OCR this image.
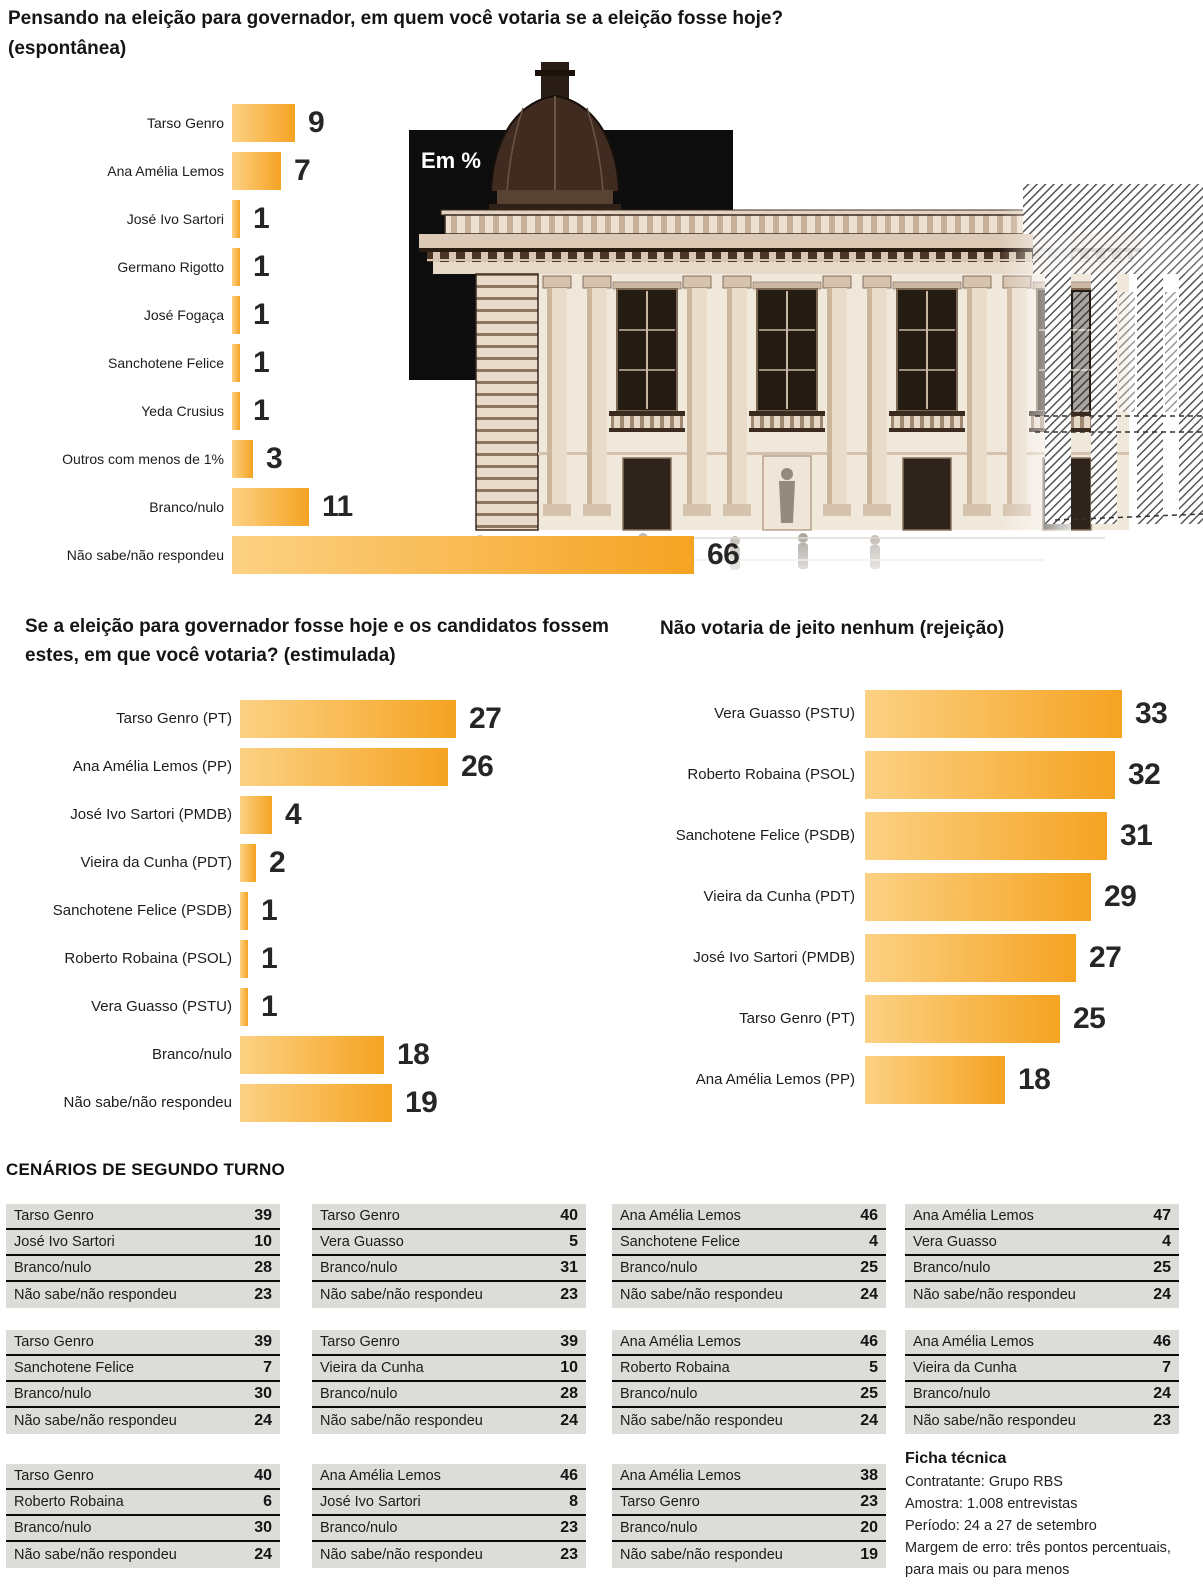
Pensando na eleição para governador, em quem você votaria se a eleição fosse hoje?
(espontânea)
Em %
Tarso Genro	9
Ana Amélia Lemos 7
José Ivo Sartori 1
Germano Rigotto 1
José Fogaça 1
Sanchotene Felice 1
Yeda Crusius 1
Outros com menos de 1% 3
Branco/nulo	11
Não sabe/não respondeu	66
Se a eleição para governador fosse hoje e os candidatos fossem
estes, em que você votaria? (estimulada)
Tarso Genro (PT)	27
Ana Amélia Lemos (PP)	26
José Ivo Sartori (PMDB) 4
Vieira da Cunha (PDT) 2
Sanchotene Felice (PSDB) 1
Roberto Robaina (PSOL) 1
Vera Guasso (PSTU) 1
Branco/nulo	18
Não sabe/não respondeu	19
Não votaria de jeito nenhum (rejeição)
Vera Guasso (PSTU)	33
Roberto Robaina (PSOL)	32
Sanchotene Felice (PSDB)	31
Vieira da Cunha (PDT)	29
José Ivo Sartori (PMDB)	27
Tarso Genro (PT)	25
Ana Amélia Lemos (PP)	18
CENÁRIOS DE SEGUNDO TURNO
Tarso Genro	39
José Ivo Sartori	10
Branco/nulo	28
Não sabe/não respondeu	23
Tarso Genro	40
Vera Guasso	5
Branco/nulo	31
Não sabe/não respondeu	23
Ana Amélia Lemos	46
Sanchotene Felice	4
Branco/nulo	25
Não sabe/não respondeu	24
Ana Amélia Lemos	47
Vera Guasso	4
Branco/nulo	25
Não sabe/não respondeu	24
Tarso Genro	39
Sanchotene Felice	7
Branco/nulo	30
Não sabe/não respondeu	24
Tarso Genro	39
Vieira da Cunha	10
Branco/nulo	28
Não sabe/não respondeu	24
Ana Amélia Lemos	46
Roberto Robaina	5
Branco/nulo	25
Não sabe/não respondeu	24
Ana Amélia Lemos	46
Vieira da Cunha	7
Branco/nulo	24
Não sabe/não respondeu	23
Tarso Genro	40
Roberto Robaina	6
Branco/nulo	30
Não sabe/não respondeu	24
Ana Amélia Lemos	46
José Ivo Sartori	8
Branco/nulo	23
Não sabe/não respondeu	23
Ana Amélia Lemos	38
Tarso Genro	23
Branco/nulo	20
Não sabe/não respondeu	19
Ficha técnica
Contratante: Grupo RBS
Amostra: 1.008 entrevistas
Período: 24 a 27 de setembro
Margem de erro: três pontos percentuais, para mais ou para menos
